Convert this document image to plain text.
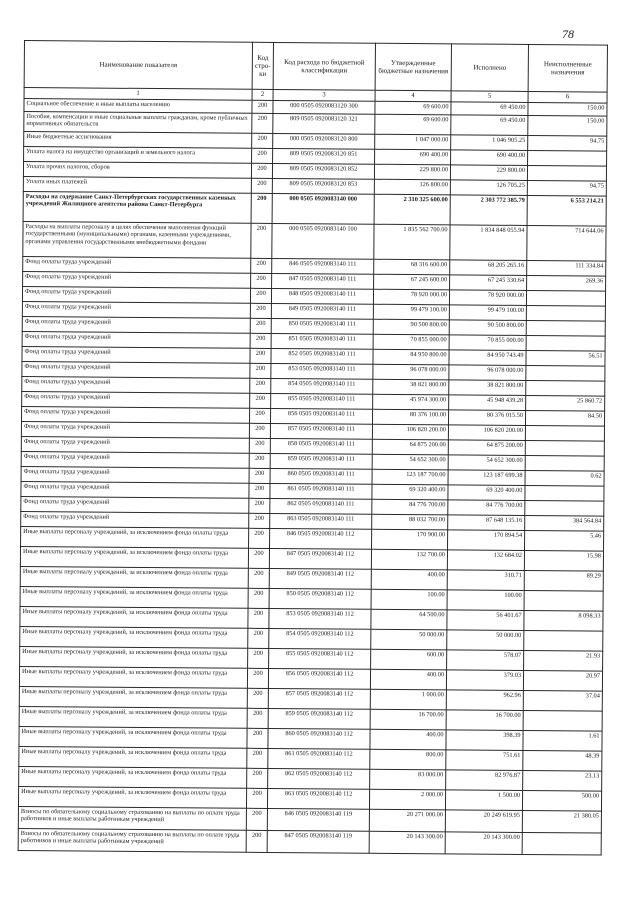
78
Наименование показателя	Код стро-ки	Код расхода по бюджетной классификации	Утвержденные бюджетные назначения	Исполнено	Неисполненные назначения
1	2	3	4	5	6
Социальное обеспечение и иные выплаты населению	200	000 0505 0920083120 300	69 600.00	69 450.00	150.00
Пособия, компенсации и иные социальные выплаты гражданам, кроме публичных нормативных обязательств	200	809 0505 0920083120 321	69 600.00	69 450.00	150.00
Иные бюджетные ассигнования	200	000 0505 0920083120 800	1 047 000.00	1 046 905.25	94.75
Уплата налога на имущество организаций и земельного налога	200	809 0505 0920083120 851	690 400.00	690 400.00	
Уплата прочих налогов, сборов	200	809 0505 0920083120 852	229 800.00	229 800.00	
Уплата иных платежей	200	809 0505 0920083120 853	126 800.00	126 705.25	94.75
Расходы на содержание Санкт-Петербургских государственных казенных учреждений Жилищного агентства района Санкт-Петербурга	200	000 0505 0920083140 000	2 310 325 600.00	2 303 772 385.79	6 553 214.21
Расходы на выплаты персоналу в целях обеспечения выполнения функций государственными (муниципальными) органами, казенными учреждениями, органами управления государственными внебюджетными фондами	200	000 0505 0920083140 100	1 835 562 700.00	1 834 848 055.94	714 644.06
Фонд оплаты труда учреждений	200	846 0505 0920083140 111	68 316 600.00	68 205 265.16	111 334.84
Фонд оплаты труда учреждений	200	847 0505 0920083140 111	67 245 600.00	67 245 330.64	269.36
Фонд оплаты труда учреждений	200	848 0505 0920083140 111	78 920 000.00	78 920 000.00	
Фонд оплаты труда учреждений	200	849 0505 0920083140 111	99 479 100.00	99 479 100.00	
Фонд оплаты труда учреждений	200	850 0505 0920083140 111	90 500 800.00	90 500 800.00	
Фонд оплаты труда учреждений	200	851 0505 0920083140 111	70 855 000.00	70 855 000.00	
Фонд оплаты труда учреждений	200	852 0505 0920083140 111	84 950 800.00	84 950 743.49	56.51
Фонд оплаты труда учреждений	200	853 0505 0920083140 111	96 078 000.00	96 078 000.00	
Фонд оплаты труда учреждений	200	854 0505 0920083140 111	38 821 800.00	38 821 800.00	
Фонд оплаты труда учреждений	200	855 0505 0920083140 111	45 974 300.00	45 948 439.28	25 860.72
Фонд оплаты труда учреждений	200	856 0505 0920083140 111	80 376 100.00	80 376 015.50	84.50
Фонд оплаты труда учреждений	200	857 0505 0920083140 111	106 820 200.00	106 820 200.00	
Фонд оплаты труда учреждений	200	858 0505 0920083140 111	64 875 200.00	64 875 200.00	
Фонд оплаты труда учреждений	200	859 0505 0920083140 111	54 652 300.00	54 652 300.00	
Фонд оплаты труда учреждений	200	860 0505 0920083140 111	123 187 700.00	123 187 699.38	0.62
Фонд оплаты труда учреждений	200	861 0505 0920083140 111	69 320 400.00	69 320 400.00	
Фонд оплаты труда учреждений	200	862 0505 0920083140 111	84 776 700.00	84 776 700.00	
Фонд оплаты труда учреждений	200	863 0505 0920083140 111	88 032 700.00	87 648 135.16	384 564.84
Иные выплаты персоналу учреждений, за исключением фонда оплаты труда	200	846 0505 0920083140 112	170 900.00	170 894.54	5.46
Иные выплаты персоналу учреждений, за исключением фонда оплаты труда	200	847 0505 0920083140 112	132 700.00	132 684.02	15.98
Иные выплаты персоналу учреждений, за исключением фонда оплаты труда	200	849 0505 0920083140 112	400.00	310.71	89.29
Иные выплаты персоналу учреждений, за исключением фонда оплаты труда	200	850 0505 0920083140 112	100.00	100.00	
Иные выплаты персоналу учреждений, за исключением фонда оплаты труда	200	853 0505 0920083140 112	64 500.00	56 401.67	8 098.33
Иные выплаты персоналу учреждений, за исключением фонда оплаты труда	200	854 0505 0920083140 112	50 000.00	50 000.00	
Иные выплаты персоналу учреждений, за исключением фонда оплаты труда	200	855 0505 0920083140 112	600.00	578.07	21.93
Иные выплаты персоналу учреждений, за исключением фонда оплаты труда	200	856 0505 0920083140 112	400.00	379.03	20.97
Иные выплаты персоналу учреждений, за исключением фонда оплаты труда	200	857 0505 0920083140 112	1 000.00	962.96	37.04
Иные выплаты персоналу учреждений, за исключением фонда оплаты труда	200	859 0505 0920083140 112	16 700.00	16 700.00	
Иные выплаты персоналу учреждений, за исключением фонда оплаты труда	200	860 0505 0920083140 112	400.00	398.39	1.61
Иные выплаты персоналу учреждений, за исключением фонда оплаты труда	200	861 0505 0920083140 112	800.00	751.61	48.39
Иные выплаты персоналу учреждений, за исключением фонда оплаты труда	200	862 0505 0920083140 112	83 000.00	82 976.87	23.13
Иные выплаты персоналу учреждений, за исключением фонда оплаты труда	200	863 0505 0920083140 112	2 000.00	1 500.00	500.00
Взносы по обязательному социальному страхованию на выплаты по оплате труда работников и иные выплаты работникам учреждений	200	846 0505 0920083140 119	20 271 000.00	20 249 619.95	21 380.05
Взносы по обязательному социальному страхованию на выплаты по оплате труда работников и иные выплаты работникам учреждений	200	847 0505 0920083140 119	20 143 300.00	20 143 300.00	
